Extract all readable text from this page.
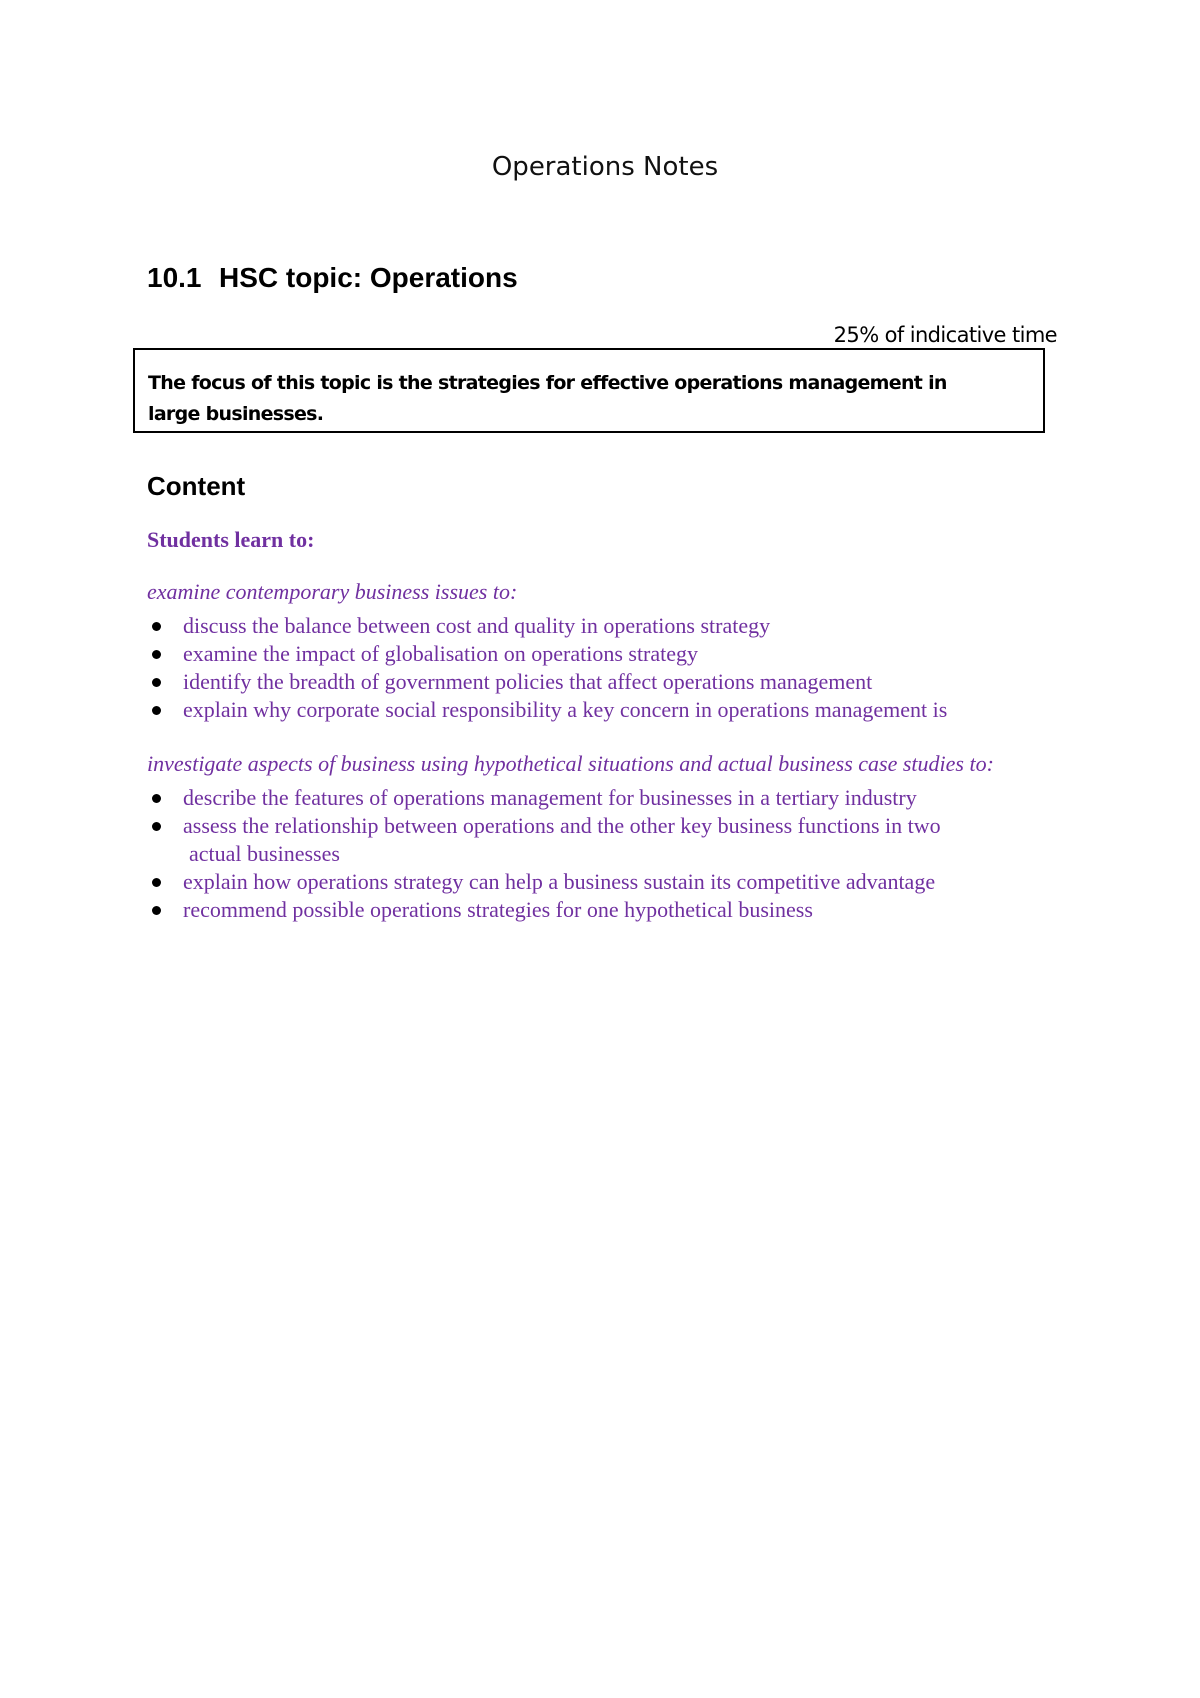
Operations Notes
10.1 HSC topic: Operations
25% of indicative time
The focus of this topic is the strategies for effective operations management in large businesses.
Content
Students learn to:
examine contemporary business issues to:
discuss the balance between cost and quality in operations strategy
examine the impact of globalisation on operations strategy
identify the breadth of government policies that affect operations management
explain why corporate social responsibility a key concern in operations management is
investigate aspects of business using hypothetical situations and actual business case studies to:
describe the features of operations management for businesses in a tertiary industry
assess the relationship between operations and the other key business functions in two
actual businesses
explain how operations strategy can help a business sustain its competitive advantage
recommend possible operations strategies for one hypothetical business
